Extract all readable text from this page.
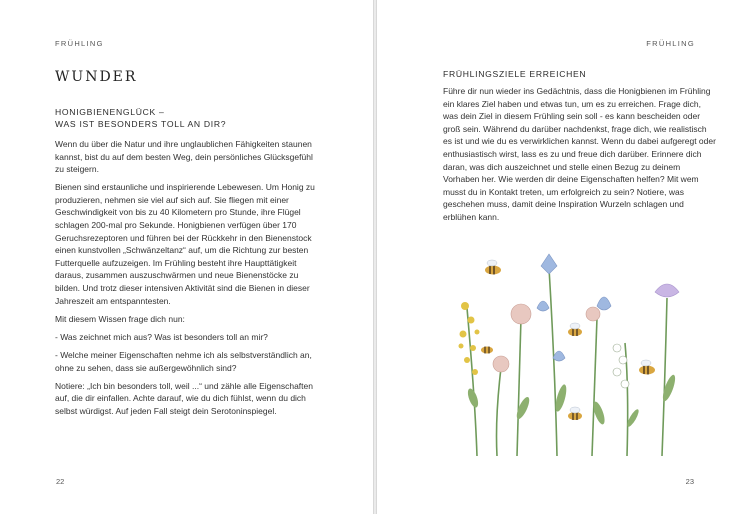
FRÜHLING
WUNDER
HONIGBIENENGLÜCK –
WAS IST BESONDERS TOLL AN DIR?

Wenn du über die Natur und ihre unglaublichen Fähigkeiten staunen kannst, bist du auf dem besten Weg, dein persönliches Glücksgefühl zu steigern.

Bienen sind erstaunliche und inspirierende Lebewesen. Um Honig zu produzieren, nehmen sie viel auf sich auf. Sie fliegen mit einer Geschwindigkeit von bis zu 40 Kilometern pro Stunde, ihre Flügel schlagen 200-mal pro Sekunde. Honigbienen verfügen über 170 Geruchsrezeptoren und führen bei der Rückkehr in den Bienenstock einen kunstvollen „Schwänzeltanz“ auf, um die Richtung zur besten Futterquelle aufzuzeigen. Im Frühling besteht ihre Haupttätigkeit daraus, zusammen auszuschwärmen und neue Bienenstöcke zu bilden. Und trotz dieser intensiven Aktivität sind die Bienen in dieser Jahreszeit am entspanntesten.

Mit diesem Wissen frage dich nun:

- Was zeichnet mich aus? Was ist besonders toll an mir?

- Welche meiner Eigenschaften nehme ich als selbstverständlich an, ohne zu sehen, dass sie außergewöhnlich sind?

Notiere: „Ich bin besonders toll, weil ...“ und zähle alle Eigenschaften auf, die dir einfallen. Achte darauf, wie du dich fühlst, wenn du dich selbst würdigst. Auf jeden Fall steigt dein Serotoninspiegel.

22
FRÜHLING
FRÜHLINGSZIELE ERREICHEN

Führe dir nun wieder ins Gedächtnis, dass die Honigbienen im Frühling ein klares Ziel haben und etwas tun, um es zu erreichen. Frage dich, was dein Ziel in diesem Frühling sein soll - es kann bescheiden oder groß sein. Während du darüber nachdenkst, frage dich, wie realistisch es ist und wie du es verwirklichen kannst. Wenn du dabei aufgeregt oder enthusiastisch wirst, lass es zu und freue dich darüber. Erinnere dich daran, was dich auszeichnet und stelle einen Bezug zu deinem Vorhaben her. Wie werden dir deine Eigenschaften helfen? Mit wem musst du in Kontakt treten, um erfolgreich zu sein? Notiere, was geschehen muss, damit deine Inspiration Wurzeln schlagen und erblühen kann.

23
